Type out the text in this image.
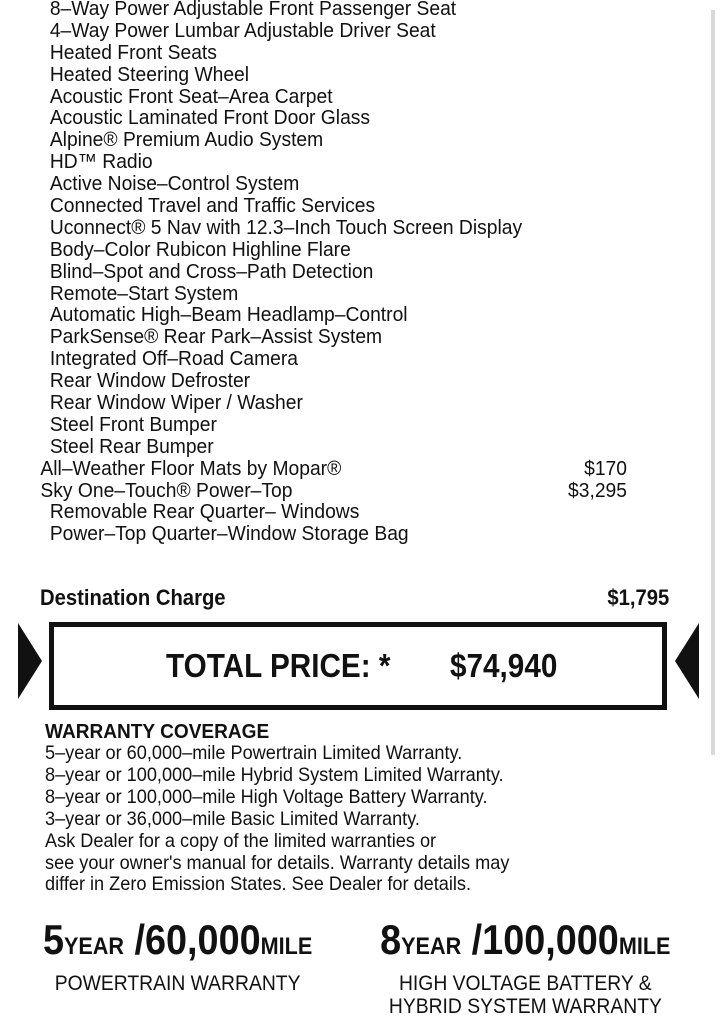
8–Way Power Adjustable Front Passenger Seat
4–Way Power Lumbar Adjustable Driver Seat
Heated Front Seats
Heated Steering Wheel
Acoustic Front Seat–Area Carpet
Acoustic Laminated Front Door Glass
Alpine® Premium Audio System
HD™ Radio
Active Noise–Control System
Connected Travel and Traffic Services
Uconnect® 5 Nav with 12.3–Inch Touch Screen Display
Body–Color Rubicon Highline Flare
Blind–Spot and Cross–Path Detection
Remote–Start System
Automatic High–Beam Headlamp–Control
ParkSense® Rear Park–Assist System
Integrated Off–Road Camera
Rear Window Defroster
Rear Window Wiper / Washer
Steel Front Bumper
Steel Rear Bumper
All–Weather Floor Mats by Mopar®	$170
Sky One–Touch® Power–Top	$3,295
Removable Rear Quarter– Windows
Power–Top Quarter–Window Storage Bag
Destination Charge	$1,795
TOTAL PRICE: * $74,940
WARRANTY COVERAGE
5–year or 60,000–mile Powertrain Limited Warranty.
8–year or 100,000–mile Hybrid System Limited Warranty.
8–year or 100,000–mile High Voltage Battery Warranty.
3–year or 36,000–mile Basic Limited Warranty.
Ask Dealer for a copy of the limited warranties or
see your owner's manual for details. Warranty details may
differ in Zero Emission States. See Dealer for details.
5YEAR /60,000MILE
POWERTRAIN WARRANTY
8YEAR /100,000MILE
HIGH VOLTAGE BATTERY &
HYBRID SYSTEM WARRANTY
